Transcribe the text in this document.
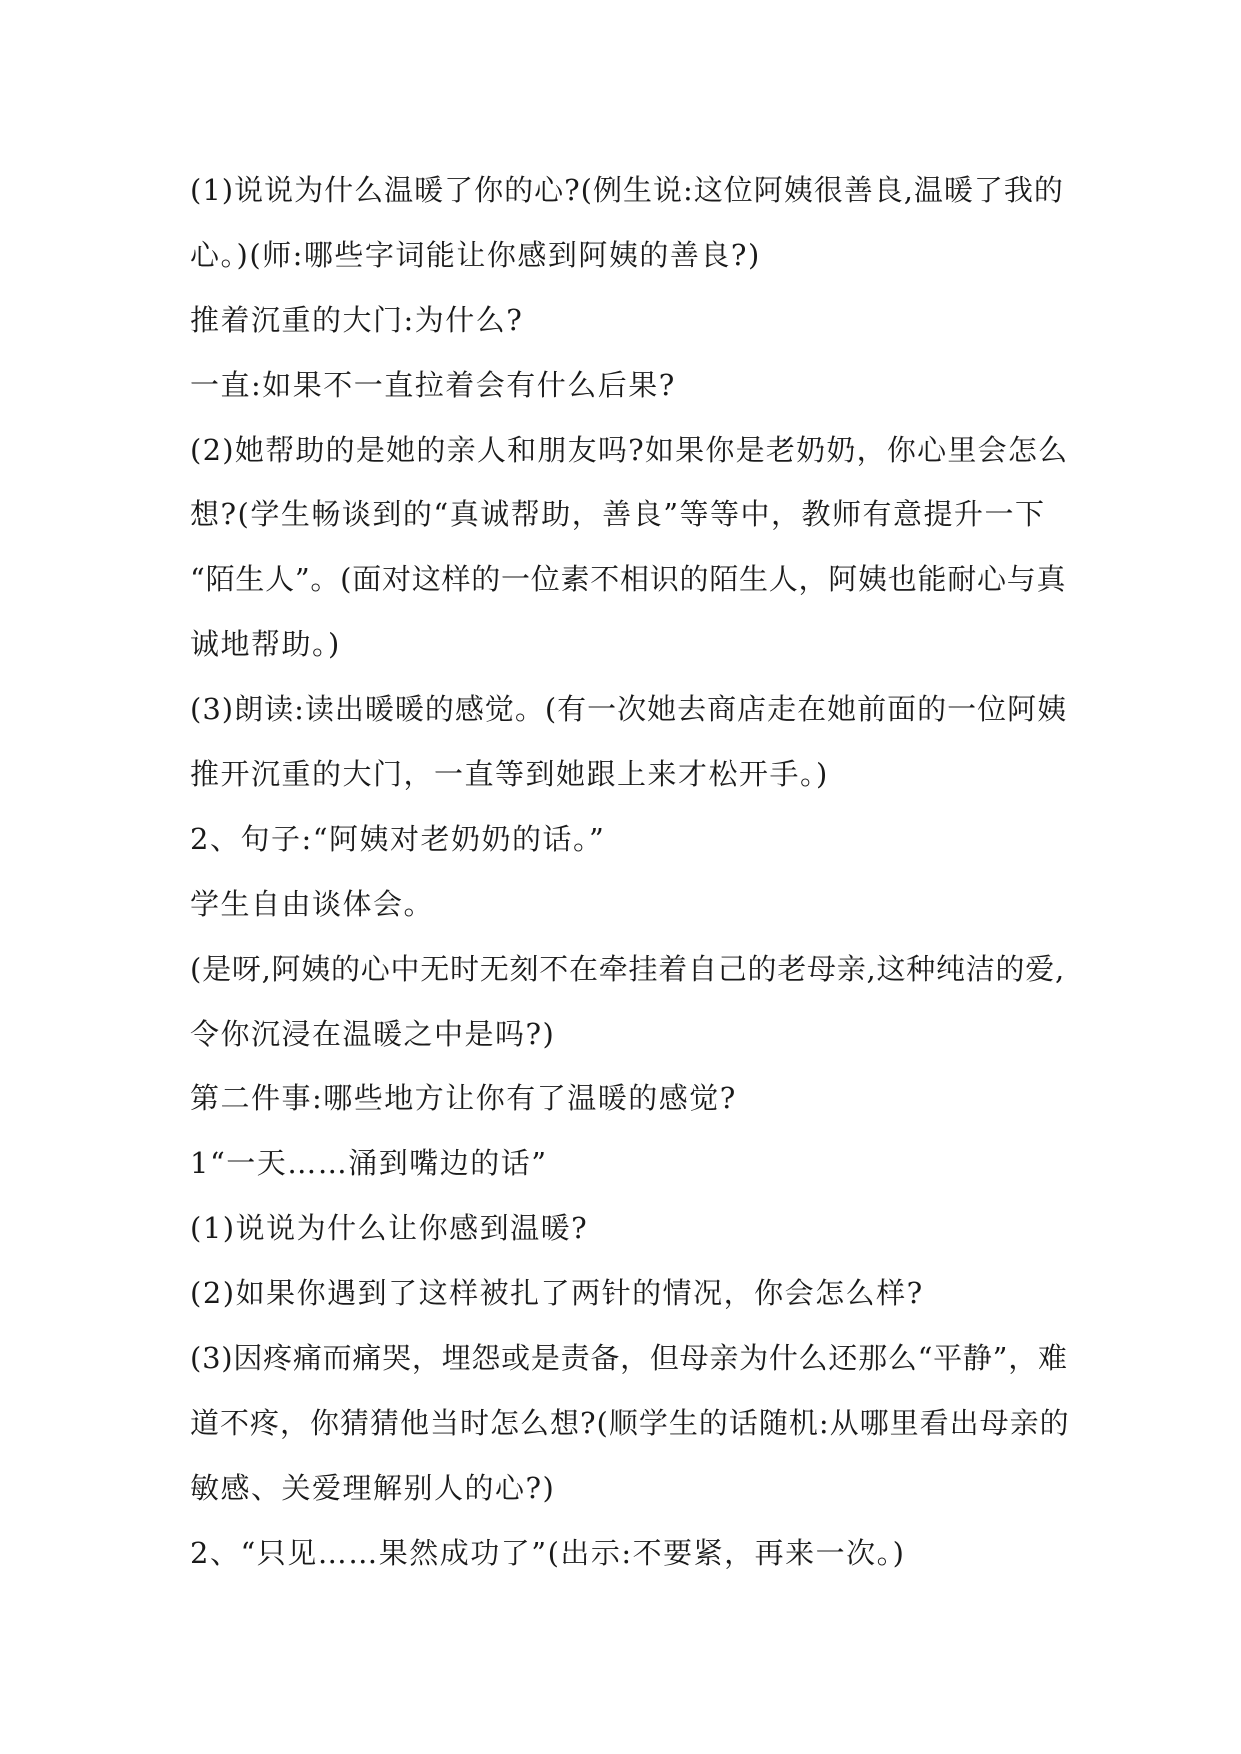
(1)说说为什么温暖了你的心?(例生说:这位阿姨很善良,温暖了我的
心。)(师:哪些字词能让你感到阿姨的善良?)
推着沉重的大门:为什么?
一直:如果不一直拉着会有什么后果?
(2)她帮助的是她的亲人和朋友吗?如果你是老奶奶，你心里会怎么
想?(学生畅谈到的“真诚帮助，善良”等等中，教师有意提升一下
“陌生人”。(面对这样的一位素不相识的陌生人，阿姨也能耐心与真
诚地帮助。)
(3)朗读:读出暖暖的感觉。(有一次她去商店走在她前面的一位阿姨
推开沉重的大门，一直等到她跟上来才松开手。)
2、句子:“阿姨对老奶奶的话。”
学生自由谈体会。
(是呀,阿姨的心中无时无刻不在牵挂着自己的老母亲,这种纯洁的爱,
令你沉浸在温暖之中是吗?)
第二件事:哪些地方让你有了温暖的感觉?
1“一天……涌到嘴边的话”
(1)说说为什么让你感到温暖?
(2)如果你遇到了这样被扎了两针的情况，你会怎么样?
(3)因疼痛而痛哭，埋怨或是责备，但母亲为什么还那么“平静”，难
道不疼，你猜猜他当时怎么想?(顺学生的话随机:从哪里看出母亲的
敏感、关爱理解别人的心?)
2、“只见……果然成功了”(出示:不要紧，再来一次。)
